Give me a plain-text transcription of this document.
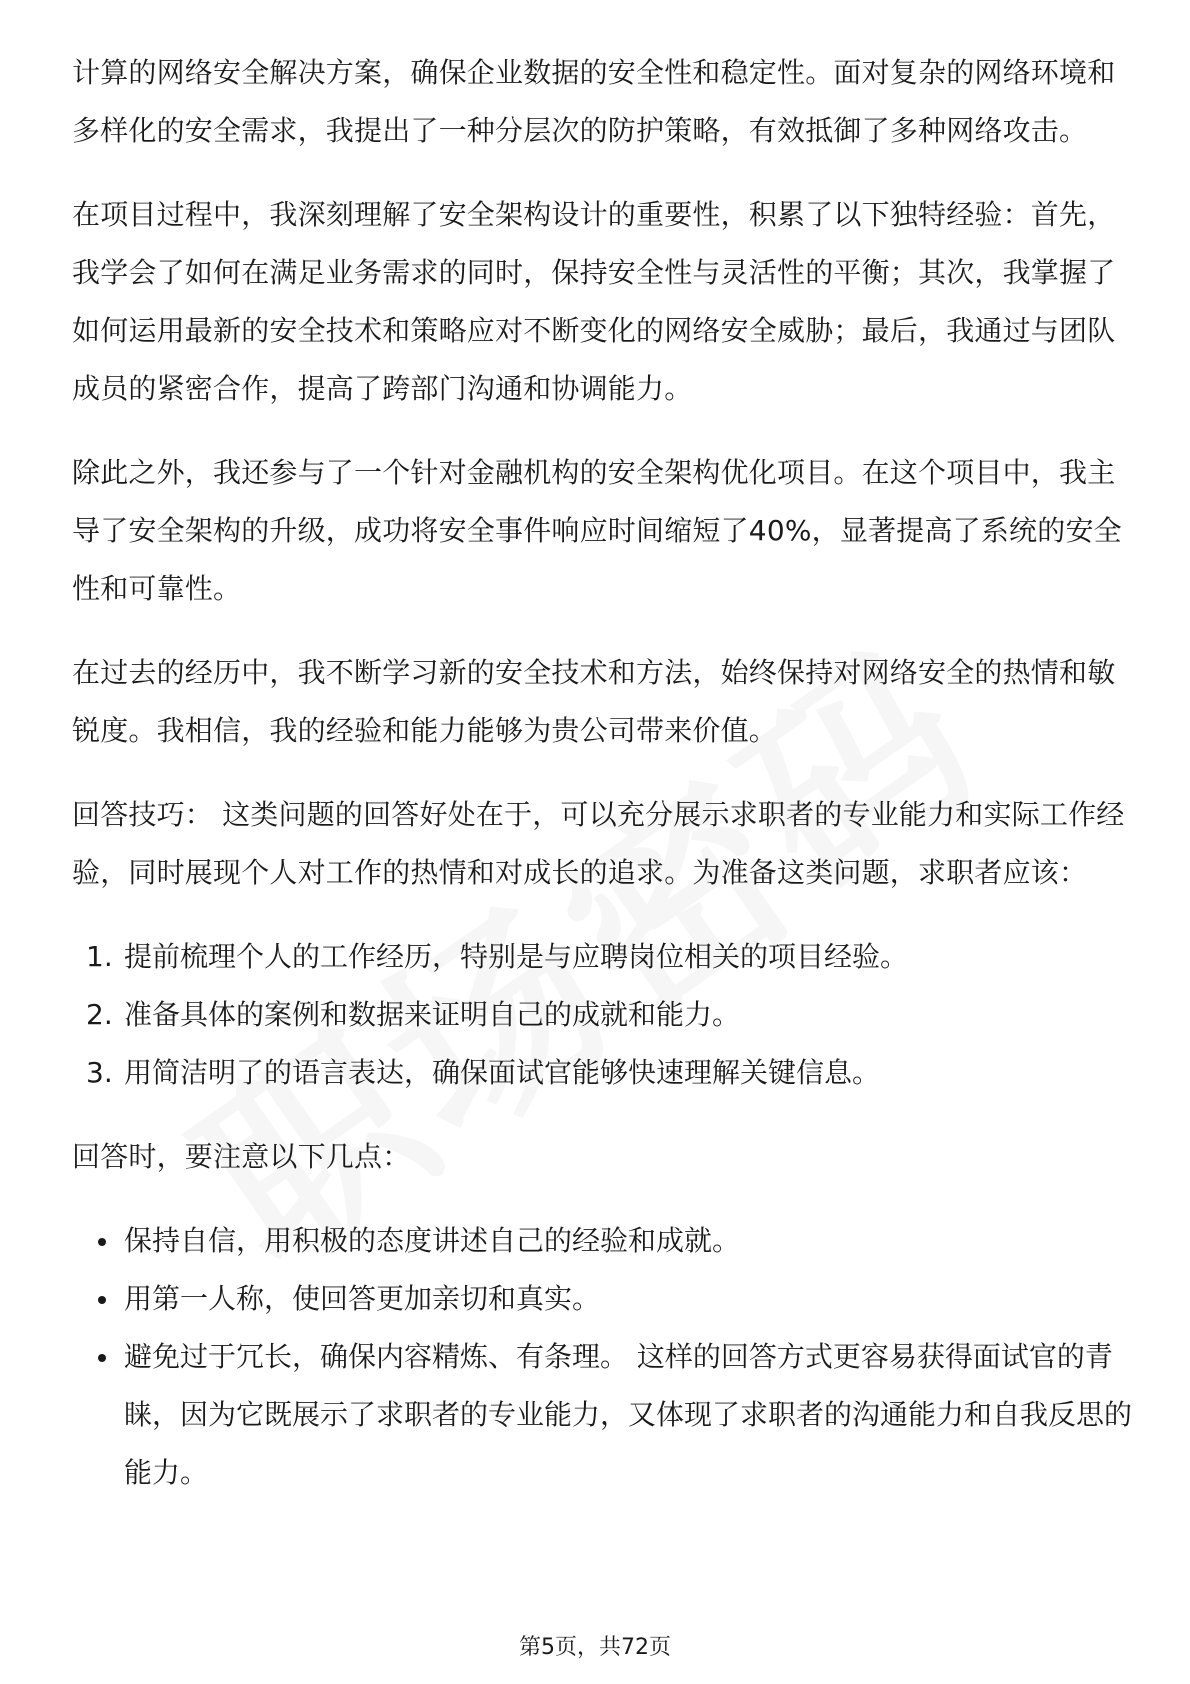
计算的网络安全解决方案，确保企业数据的安全性和稳定性。面对复杂的网络环境和多样化的安全需求，我提出了一种分层次的防护策略，有效抵御了多种网络攻击。

在项目过程中，我深刻理解了安全架构设计的重要性，积累了以下独特经验：首先，我学会了如何在满足业务需求的同时，保持安全性与灵活性的平衡；其次，我掌握了如何运用最新的安全技术和策略应对不断变化的网络安全威胁；最后，我通过与团队成员的紧密合作，提高了跨部门沟通和协调能力。

除此之外，我还参与了一个针对金融机构的安全架构优化项目。在这个项目中，我主导了安全架构的升级，成功将安全事件响应时间缩短了40%，显著提高了系统的安全性和可靠性。

在过去的经历中，我不断学习新的安全技术和方法，始终保持对网络安全的热情和敏锐度。我相信，我的经验和能力能够为贵公司带来价值。

回答技巧： 这类问题的回答好处在于，可以充分展示求职者的专业能力和实际工作经验，同时展现个人对工作的热情和对成长的追求。为准备这类问题，求职者应该：

1. 提前梳理个人的工作经历，特别是与应聘岗位相关的项目经验。
2. 准备具体的案例和数据来证明自己的成就和能力。
3. 用简洁明了的语言表达，确保面试官能够快速理解关键信息。

回答时，要注意以下几点：

保持自信，用积极的态度讲述自己的经验和成就。
用第一人称，使回答更加亲切和真实。
避免过于冗长，确保内容精炼、有条理。 这样的回答方式更容易获得面试官的青睐，因为它既展示了求职者的专业能力，又体现了求职者的沟通能力和自我反思的能力。
第5页，共72页
